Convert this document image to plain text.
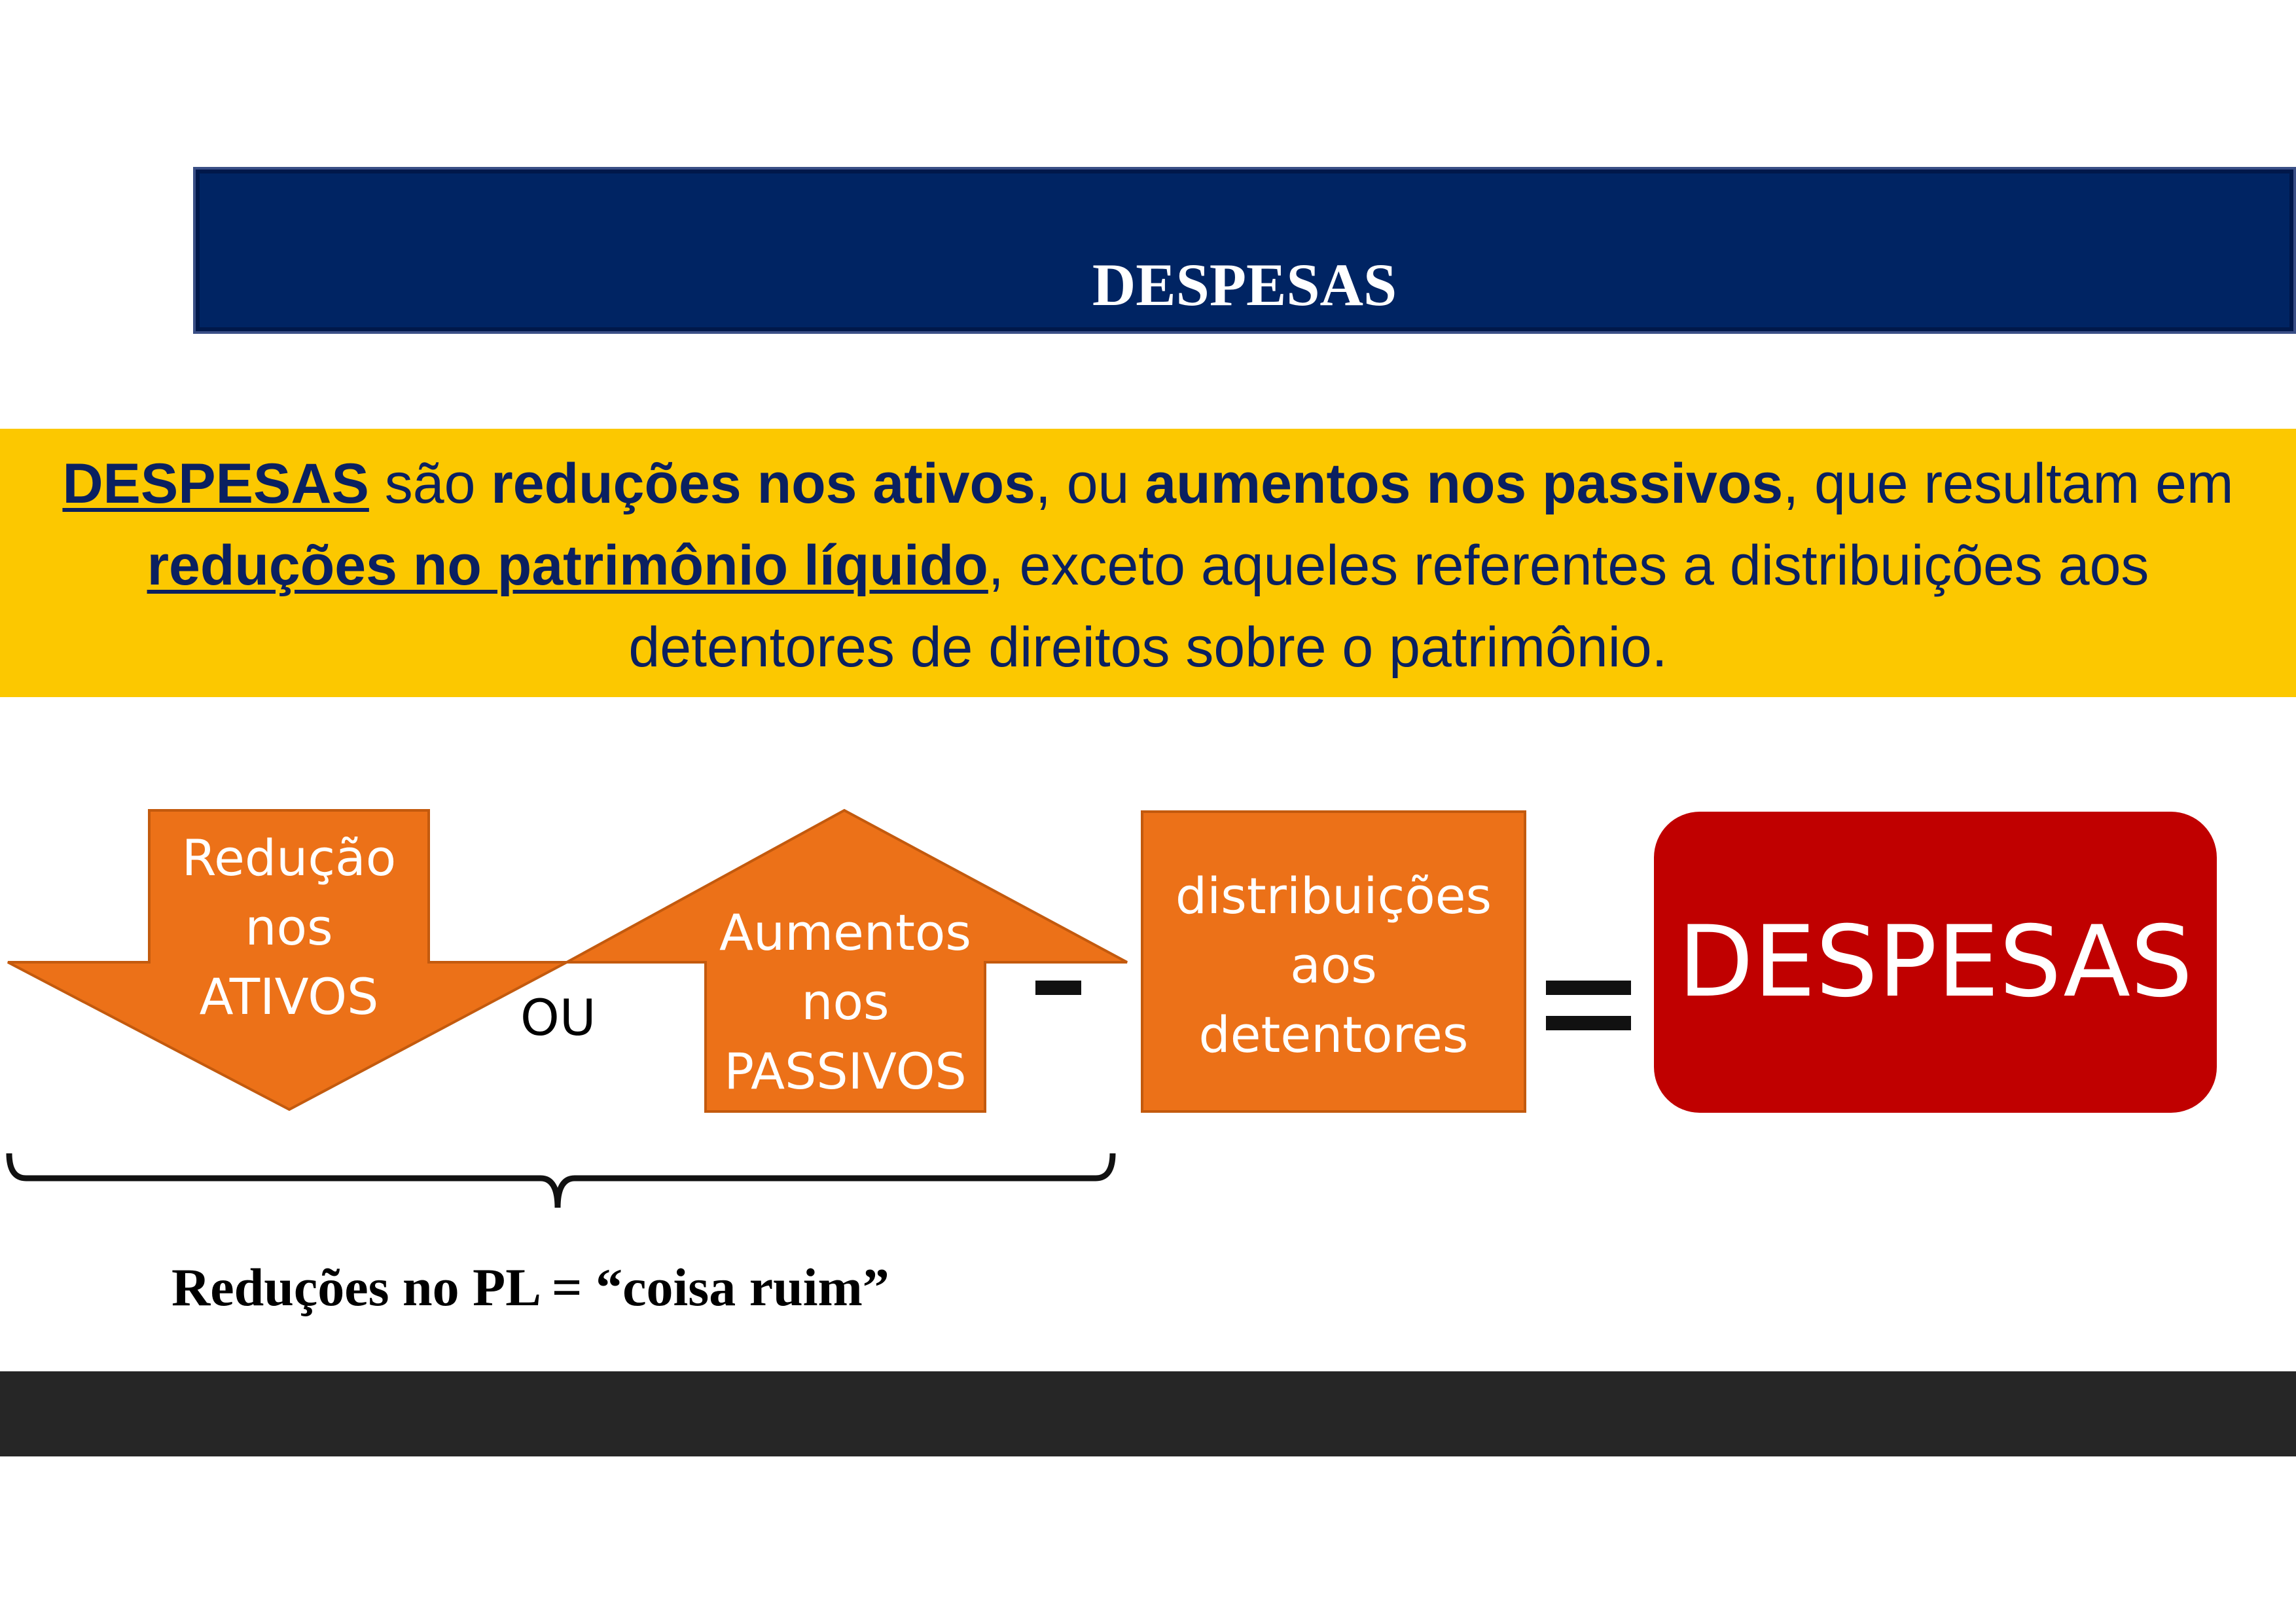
DESPESAS
DESPESAS são reduções nos ativos, ou aumentos nos passivos, que resultam em reduções no patrimônio líquido, exceto aqueles referentes a distribuições aos detentores de direitos sobre o patrimônio.
Redução
nos
ATIVOS	OU
Aumentos
nos
PASSIVOS
distribuições
aos
detentores
DESPESAS
Reduções no PL = “coisa ruim”
